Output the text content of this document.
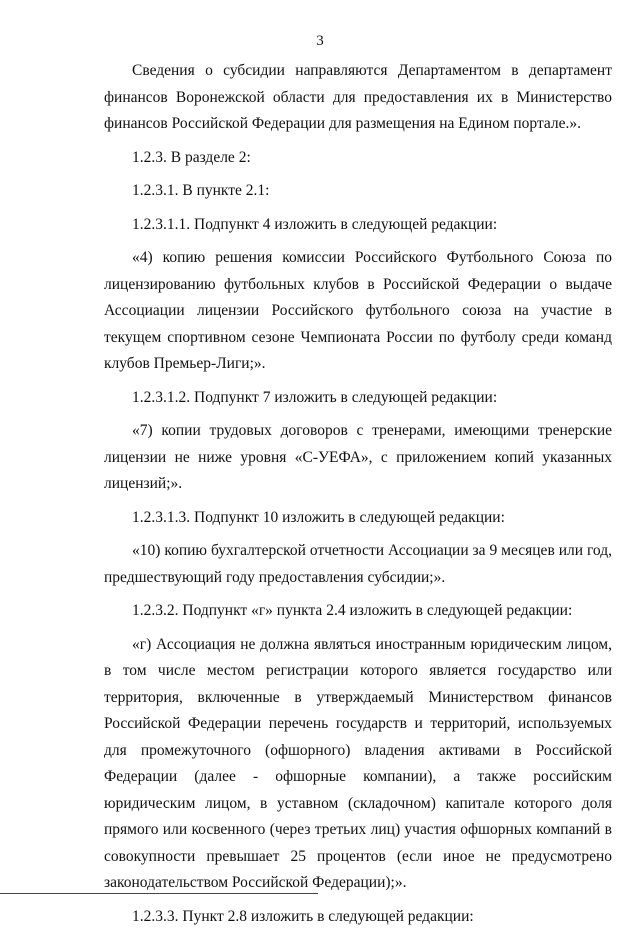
3

Сведения о субсидии направляются Департаментом в департамент финансов Воронежской области для предоставления их в Министерство финансов Российской Федерации для размещения на Едином портале.».

1.2.3. В разделе 2:

1.2.3.1. В пункте 2.1:

1.2.3.1.1. Подпункт 4 изложить в следующей редакции:

«4) копию решения комиссии Российского Футбольного Союза по лицензированию футбольных клубов в Российской Федерации о выдаче Ассоциации лицензии Российского футбольного союза на участие в текущем спортивном сезоне Чемпионата России по футболу среди команд клубов Премьер-Лиги;».

1.2.3.1.2. Подпункт 7 изложить в следующей редакции:

«7) копии трудовых договоров с тренерами, имеющими тренерские лицензии не ниже уровня «С-УЕФА», с приложением копий указанных лицензий;».

1.2.3.1.3. Подпункт 10 изложить в следующей редакции:

«10) копию бухгалтерской отчетности Ассоциации за 9 месяцев или год, предшествующий году предоставления субсидии;».

1.2.3.2. Подпункт «г» пункта 2.4 изложить в следующей редакции:

«г) Ассоциация не должна являться иностранным юридическим лицом, в том числе местом регистрации которого является государство или территория, включенные в утверждаемый Министерством финансов Российской Федерации перечень государств и территорий, используемых для промежуточного (офшорного) владения активами в Российской Федерации (далее - офшорные компании), а также российским юридическим лицом, в уставном (складочном) капитале которого доля прямого или косвенного (через третьих лиц) участия офшорных компаний в совокупности превышает 25 процентов (если иное не предусмотрено законодательством Российской Федерации);».

1.2.3.3. Пункт 2.8 изложить в следующей редакции:
